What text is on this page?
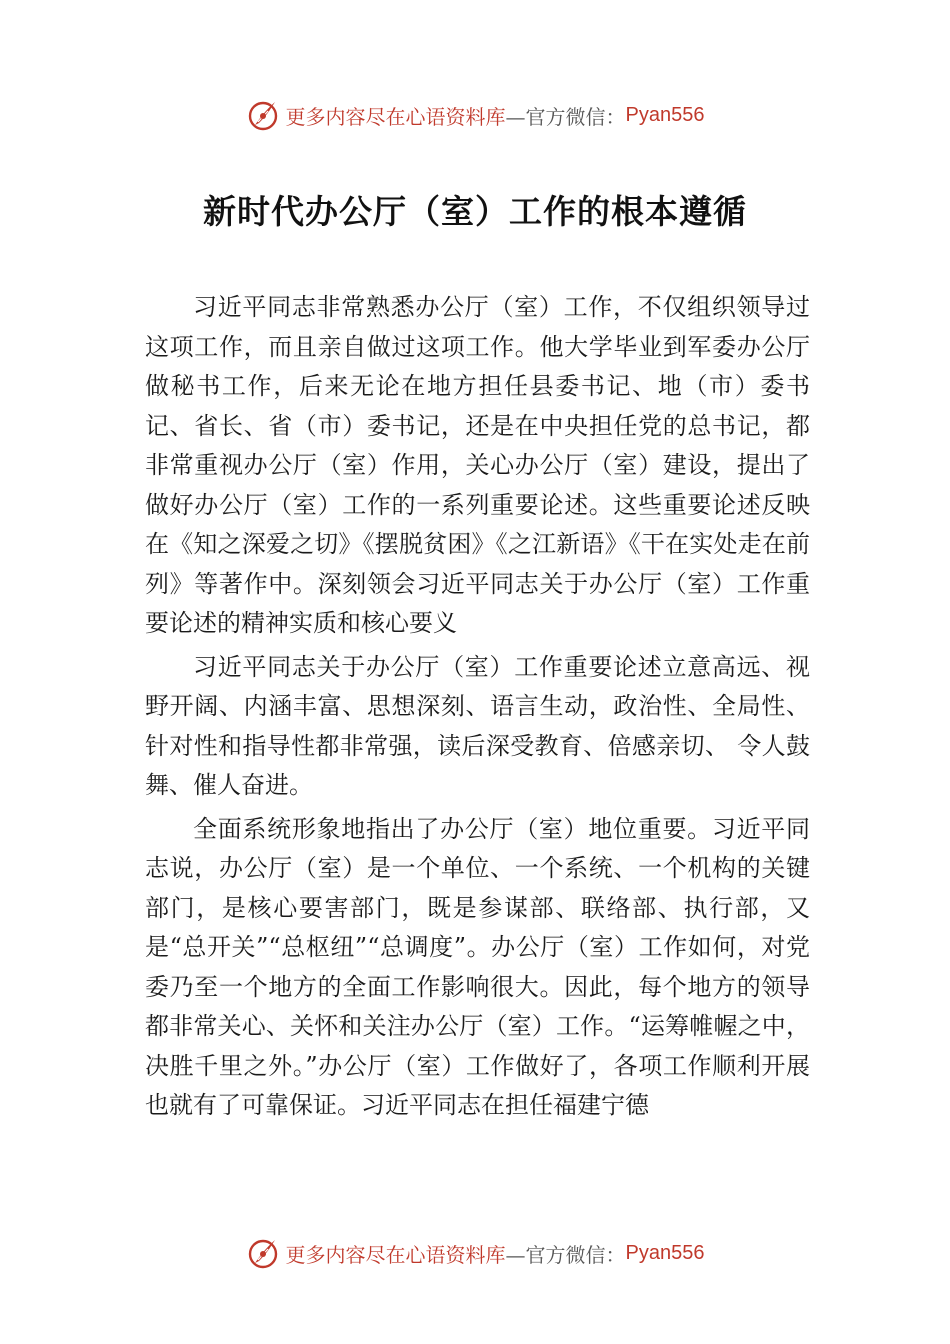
更多内容尽在心语资料库 —官方微信： Pyan556
新时代办公厅（室）工作的根本遵循

习近平同志非常熟悉办公厅（室）工作，不仅组织领导过这项工作，而且亲自做过这项工作。他大学毕业到军委办公厅做秘书工作，后来无论在地方担任县委书记、地（市）委书记、省长、省（市）委书记，还是在中央担任党的总书记，都非常重视办公厅（室）作用，关心办公厅（室）建设，提出了做好办公厅（室）工作的一系列重要论述。这些重要论述反映在《知之深爱之切》《摆脱贫困》《之江新语》《干在实处走在前列》等著作中。深刻领会习近平同志关于办公厅（室）工作重要论述的精神实质和核心要义

习近平同志关于办公厅（室）工作重要论述立意高远、视野开阔、内涵丰富、思想深刻、语言生动，政治性、全局性、针对性和指导性都非常强，读后深受教育、倍感亲切、 令人鼓舞、催人奋进。

全面系统形象地指出了办公厅（室）地位重要。习近平同志说，办公厅（室）是一个单位、一个系统、一个机构的关键部门，是核心要害部门，既是参谋部、联络部、执行部，又是“总开关”“总枢纽”“总调度”。办公厅（室）工作如何，对党委乃至一个地方的全面工作影响很大。因此，每个地方的领导都非常关心、关怀和关注办公厅（室）工作。“运筹帷幄之中，决胜千里之外。”办公厅（室）工作做好了，各项工作顺利开展也就有了可靠保证。习近平同志在担任福建宁德

更多内容尽在心语资料库 —官方微信： Pyan556
